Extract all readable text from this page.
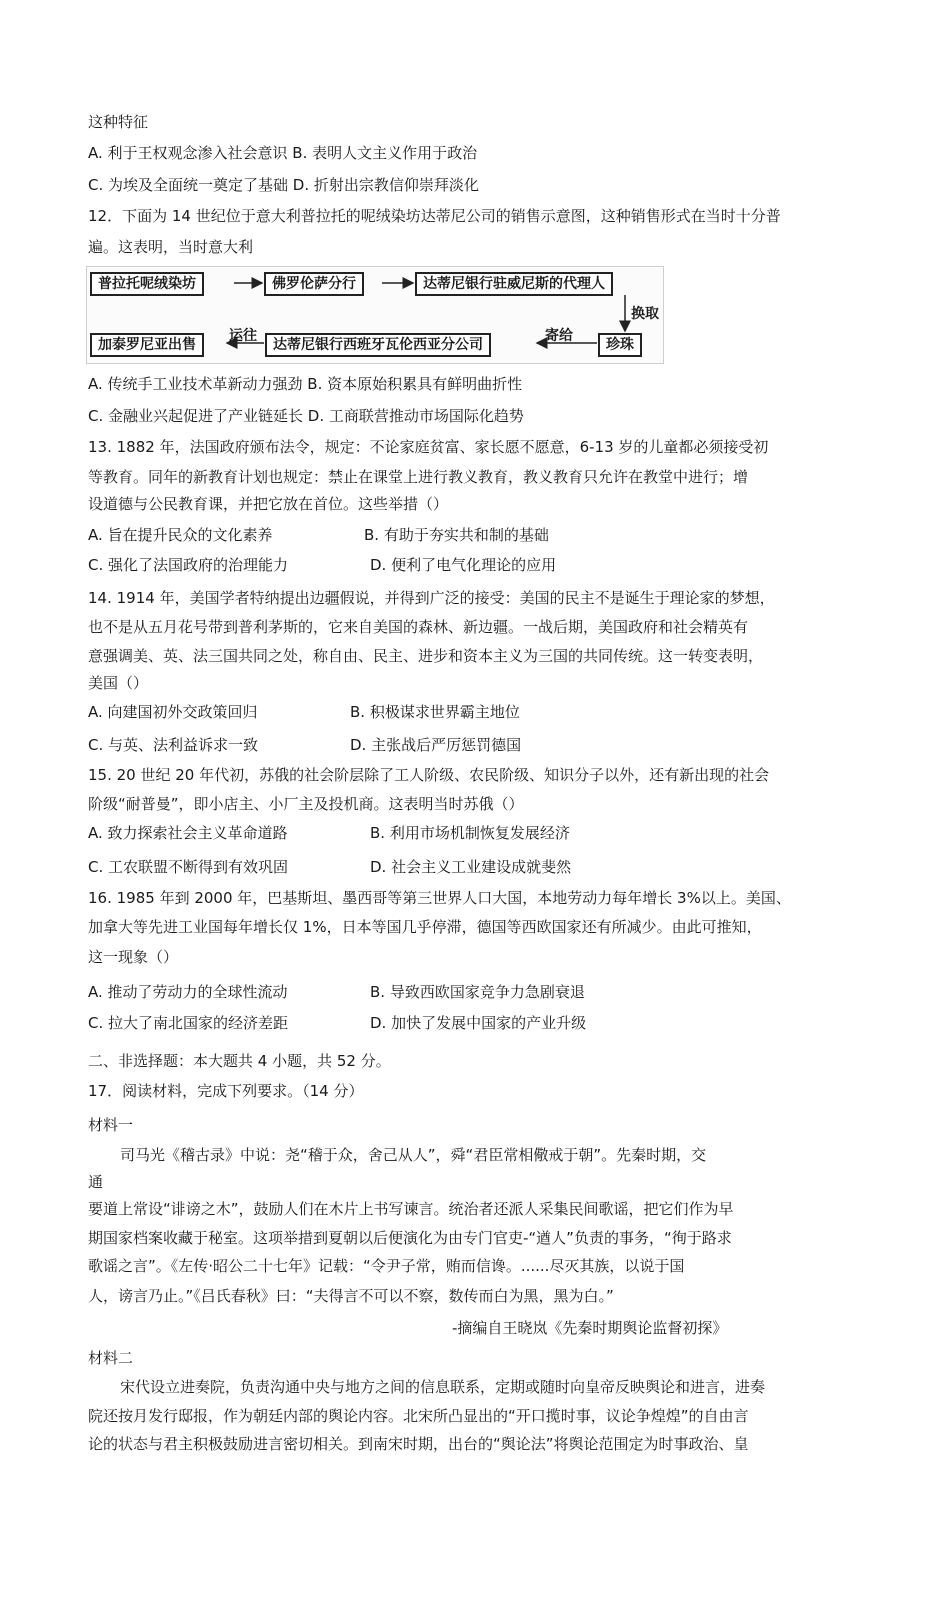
这种特征
A. 利于王权观念渗入社会意识 B. 表明人文主义作用于政治
C. 为埃及全面统一奠定了基础 D. 折射出宗教信仰崇拜淡化
12．下面为 14 世纪位于意大利普拉托的呢绒染坊达蒂尼公司的销售示意图，这种销售形式在当时十分普
遍。这表明，当时意大利
普拉托呢绒染坊	佛罗伦萨分行	达蒂尼银行驻威尼斯的代理人
换取
珍珠
寄给
达蒂尼银行西班牙瓦伦西亚分公司
运往
加泰罗尼亚出售
A. 传统手工业技术革新动力强劲 B. 资本原始积累具有鲜明曲折性
C. 金融业兴起促进了产业链延长 D. 工商联营推动市场国际化趋势
13. 1882 年，法国政府颁布法令，规定：不论家庭贫富、家长愿不愿意，6-13 岁的儿童都必须接受初
等教育。同年的新教育计划也规定：禁止在课堂上进行教义教育，教义教育只允许在教堂中进行；增
设道德与公民教育课，并把它放在首位。这些举措（）
A. 旨在提升民众的文化素养	B. 有助于夯实共和制的基础
C. 强化了法国政府的治理能力	D. 便利了电气化理论的应用
14. 1914 年，美国学者特纳提出边疆假说，并得到广泛的接受：美国的民主不是诞生于理论家的梦想，
也不是从五月花号带到普利茅斯的，它来自美国的森林、新边疆。一战后期，美国政府和社会精英有
意强调美、英、法三国共同之处，称自由、民主、进步和资本主义为三国的共同传统。这一转变表明，
美国（）
A. 向建国初外交政策回归	B. 积极谋求世界霸主地位
C. 与英、法利益诉求一致	D. 主张战后严厉惩罚德国
15. 20 世纪 20 年代初，苏俄的社会阶层除了工人阶级、农民阶级、知识分子以外，还有新出现的社会
阶级“耐普曼”，即小店主、小厂主及投机商。这表明当时苏俄（）
A. 致力探索社会主义革命道路	B. 利用市场机制恢复发展经济
C. 工农联盟不断得到有效巩固	D. 社会主义工业建设成就斐然
16. 1985 年到 2000 年，巴基斯坦、墨西哥等第三世界人口大国，本地劳动力每年增长 3%以上。美国、
加拿大等先进工业国每年增长仅 1%，日本等国几乎停滞，德国等西欧国家还有所减少。由此可推知，
这一现象（）
A. 推动了劳动力的全球性流动	B. 导致西欧国家竞争力急剧衰退
C. 拉大了南北国家的经济差距	D. 加快了发展中国家的产业升级
二、非选择题：本大题共 4 小题，共 52 分。
17．阅读材料，完成下列要求。（14 分）
材料一
司马光《稽古录》中说：尧“稽于众，舍己从人”，舜“君臣常相儆戒于朝”。先秦时期，交
通
要道上常设“诽谤之木”，鼓励人们在木片上书写谏言。统治者还派人采集民间歌谣，把它们作为早
期国家档案收藏于秘室。这项举措到夏朝以后便演化为由专门官吏-“遒人”负责的事务，“徇于路求
歌谣之言”。《左传·昭公二十七年》记载：“令尹子常，贿而信谗。......尽灭其族，以说于国
人，谤言乃止。”《吕氏春秋》曰：“夫得言不可以不察，数传而白为黑，黑为白。”
-摘编自王晓岚《先秦时期舆论监督初探》
材料二
宋代设立进奏院，负责沟通中央与地方之间的信息联系，定期或随时向皇帝反映舆论和进言，进奏
院还按月发行邸报，作为朝廷内部的舆论内容。北宋所凸显出的“开口揽时事，议论争煌煌”的自由言
论的状态与君主积极鼓励进言密切相关。到南宋时期，出台的“舆论法”将舆论范围定为时事政治、皇
